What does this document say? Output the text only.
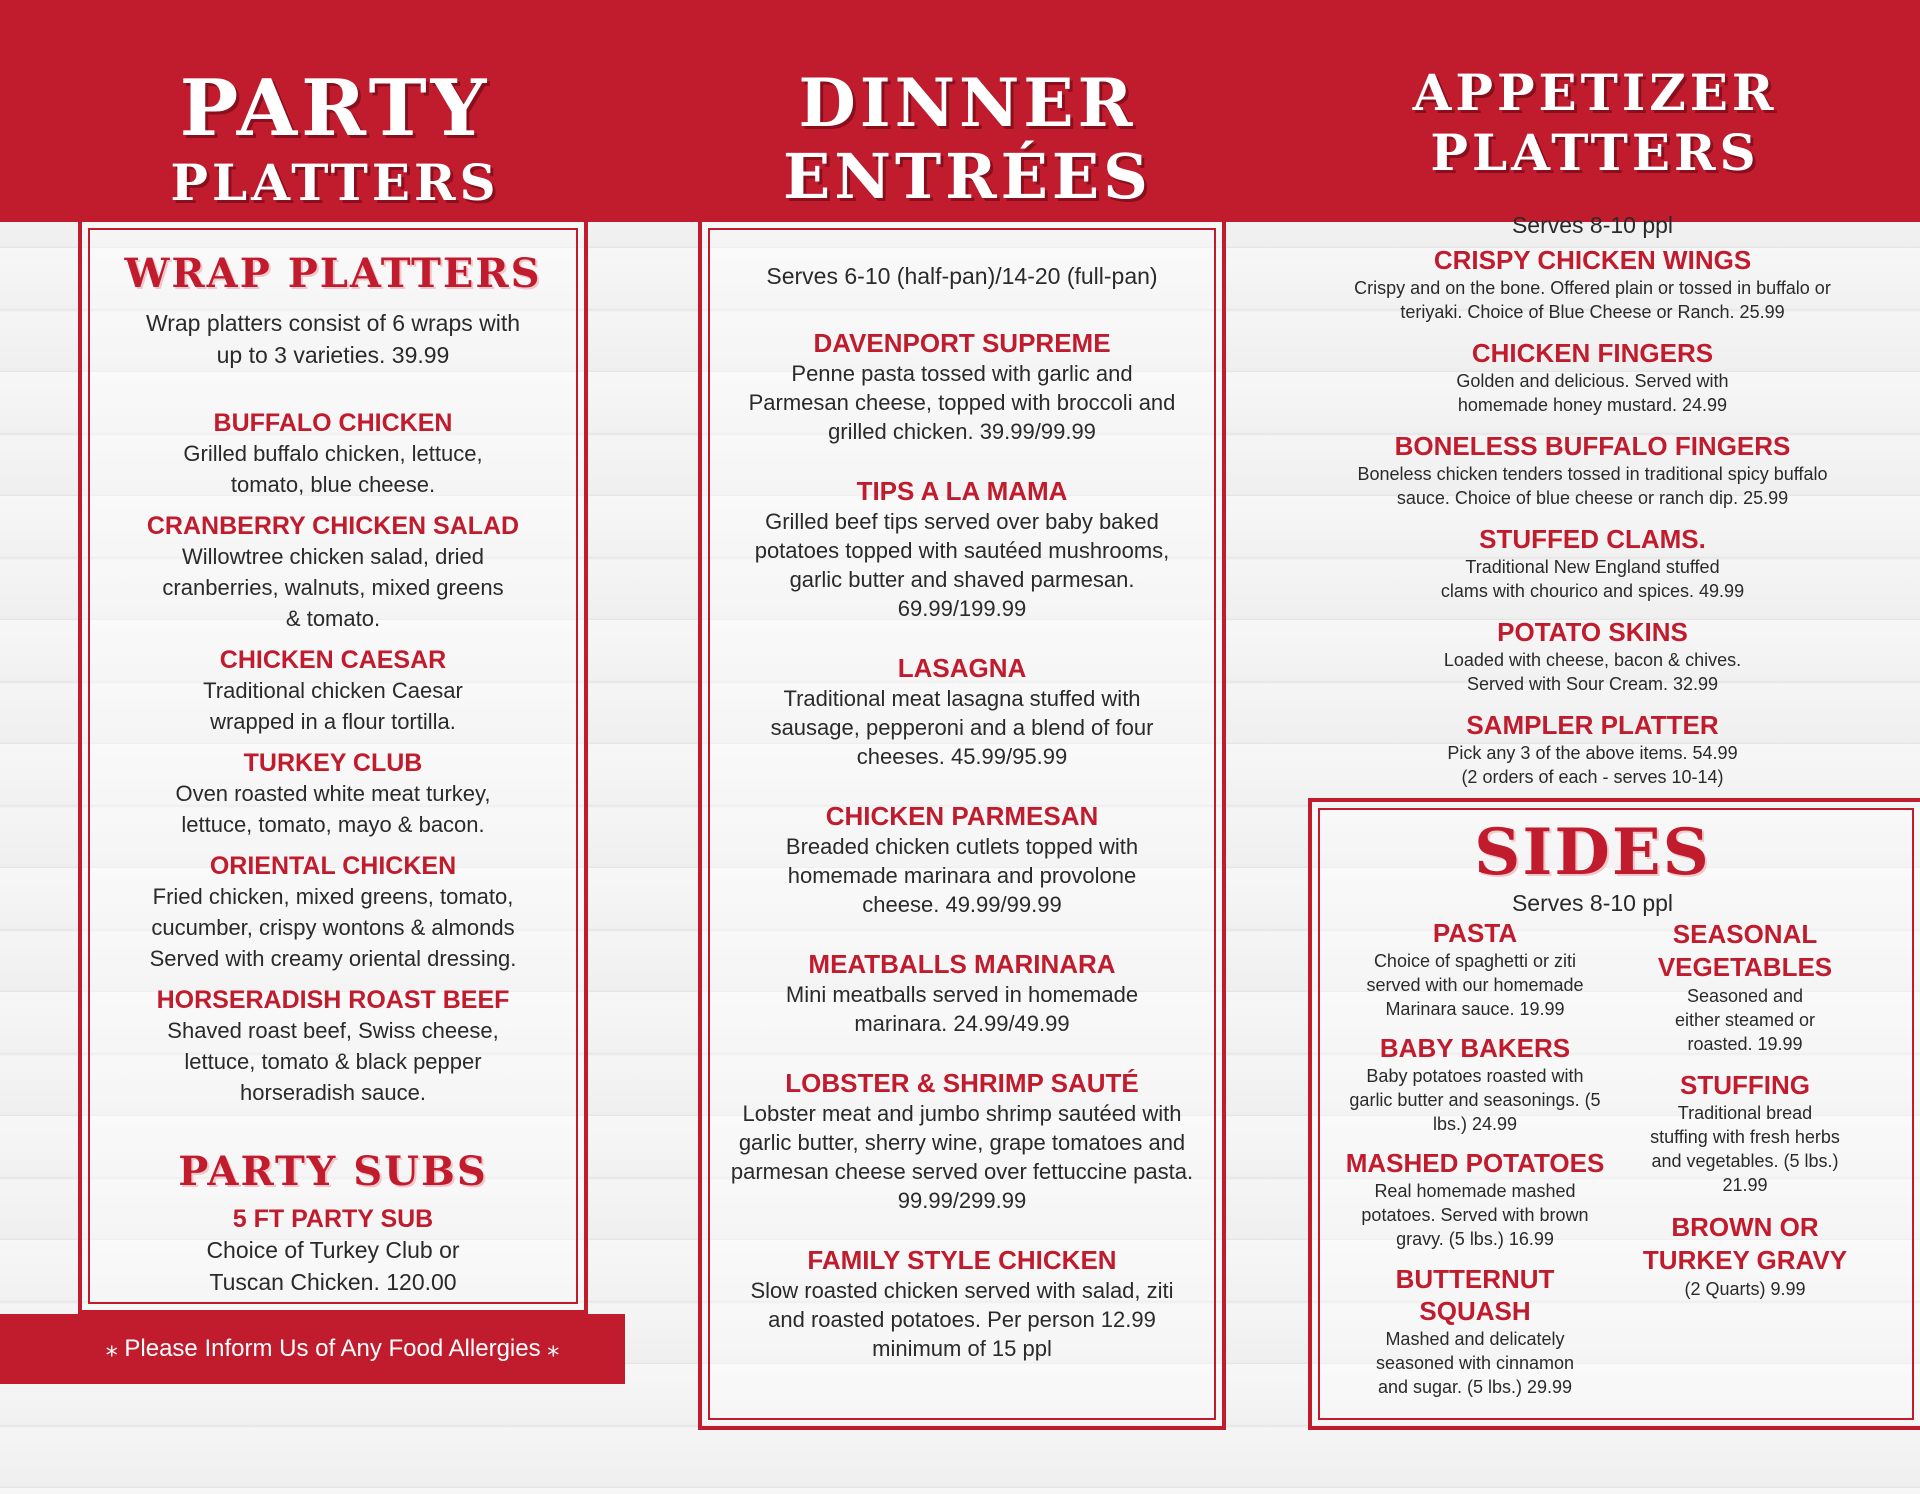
PARTY
PLATTERS
DINNER
ENTRÉES
APPETIZER
PLATTERS
WRAP PLATTERS
Wrap platters consist of 6 wraps with up to 3 varieties. 39.99
BUFFALO CHICKEN
Grilled buffalo chicken, lettuce, tomato, blue cheese.
CRANBERRY CHICKEN SALAD
Willowtree chicken salad, dried cranberries, walnuts, mixed greens & tomato.
CHICKEN CAESAR
Traditional chicken Caesar wrapped in a flour tortilla.
TURKEY CLUB
Oven roasted white meat turkey, lettuce, tomato, mayo & bacon.
ORIENTAL CHICKEN
Fried chicken, mixed greens, tomato, cucumber, crispy wontons & almonds Served with creamy oriental dressing.
HORSERADISH ROAST BEEF
Shaved roast beef, Swiss cheese, lettuce, tomato & black pepper horseradish sauce.
PARTY SUBS
5 FT PARTY SUB
Choice of Turkey Club or Tuscan Chicken. 120.00
⁎ Please Inform Us of Any Food Allergies ⁎
Serves 6-10 (half-pan)/14-20 (full-pan)
DAVENPORT SUPREME
Penne pasta tossed with garlic and Parmesan cheese, topped with broccoli and grilled chicken. 39.99/99.99
TIPS A LA MAMA
Grilled beef tips served over baby baked potatoes topped with sautéed mushrooms, garlic butter and shaved parmesan. 69.99/199.99
LASAGNA
Traditional meat lasagna stuffed with sausage, pepperoni and a blend of four cheeses. 45.99/95.99
CHICKEN PARMESAN
Breaded chicken cutlets topped with homemade marinara and provolone cheese. 49.99/99.99
MEATBALLS MARINARA
Mini meatballs served in homemade marinara. 24.99/49.99
LOBSTER & SHRIMP SAUTÉ
Lobster meat and jumbo shrimp sautéed with garlic butter, sherry wine, grape tomatoes and parmesan cheese served over fettuccine pasta. 99.99/299.99
FAMILY STYLE CHICKEN
Slow roasted chicken served with salad, ziti and roasted potatoes. Per person 12.99 minimum of 15 ppl
Serves 8-10 ppl
CRISPY CHICKEN WINGS
Crispy and on the bone. Offered plain or tossed in buffalo or teriyaki. Choice of Blue Cheese or Ranch. 25.99
CHICKEN FINGERS
Golden and delicious. Served with homemade honey mustard. 24.99
BONELESS BUFFALO FINGERS
Boneless chicken tenders tossed in traditional spicy buffalo sauce. Choice of blue cheese or ranch dip. 25.99
STUFFED CLAMS.
Traditional New England stuffed clams with chourico and spices. 49.99
POTATO SKINS
Loaded with cheese, bacon & chives. Served with Sour Cream. 32.99
SAMPLER PLATTER
Pick any 3 of the above items. 54.99 (2 orders of each - serves 10-14)
SIDES
Serves 8-10 ppl
PASTA
Choice of spaghetti or ziti served with our homemade Marinara sauce. 19.99
BABY BAKERS
Baby potatoes roasted with garlic butter and seasonings. (5 lbs.) 24.99
MASHED POTATOES
Real homemade mashed potatoes. Served with brown gravy. (5 lbs.) 16.99
BUTTERNUT SQUASH
Mashed and delicately seasoned with cinnamon and sugar. (5 lbs.) 29.99
SEASONAL VEGETABLES
Seasoned and either steamed or roasted. 19.99
STUFFING
Traditional bread stuffing with fresh herbs and vegetables. (5 lbs.) 21.99
BROWN OR TURKEY GRAVY
(2 Quarts) 9.99
